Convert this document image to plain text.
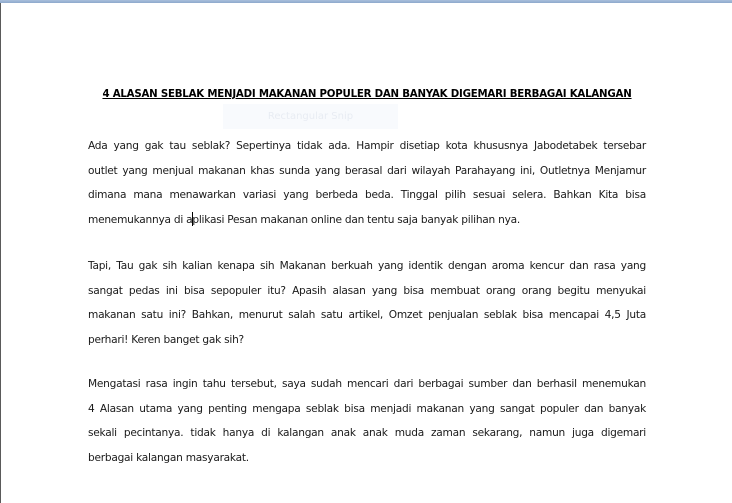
4 ALASAN SEBLAK MENJADI MAKANAN POPULER DAN BANYAK DIGEMARI BERBAGAI KALANGAN
Rectangular Snip
Ada yang gak tau seblak? Sepertinya tidak ada. Hampir disetiap kota khususnya Jabodetabek tersebar
outlet yang menjual makanan khas sunda yang berasal dari wilayah Parahayang ini, Outletnya Menjamur
dimana mana menawarkan variasi yang berbeda beda. Tinggal pilih sesuai selera. Bahkan Kita bisa
menemukannya di aplikasi Pesan makanan online dan tentu saja banyak pilihan nya.
Tapi, Tau gak sih kalian kenapa sih Makanan berkuah yang identik dengan aroma kencur dan rasa yang
sangat pedas ini bisa sepopuler itu? Apasih alasan yang bisa membuat orang orang begitu menyukai
makanan satu ini? Bahkan, menurut salah satu artikel, Omzet penjualan seblak bisa mencapai 4,5 Juta
perhari! Keren banget gak sih?
Mengatasi rasa ingin tahu tersebut, saya sudah mencari dari berbagai sumber dan berhasil menemukan
4 Alasan utama yang penting mengapa seblak bisa menjadi makanan yang sangat populer dan banyak
sekali pecintanya. tidak hanya di kalangan anak anak muda zaman sekarang, namun juga digemari
berbagai kalangan masyarakat.
